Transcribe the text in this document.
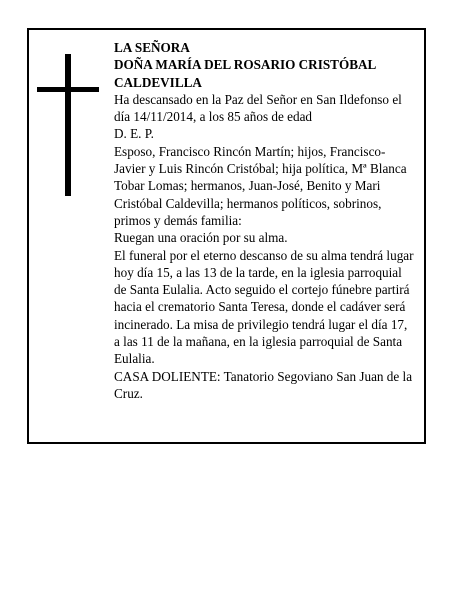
LA SEÑORA

DOÑA MARÍA DEL ROSARIO CRISTÓBAL CALDEVILLA

Ha descansado en la Paz del Señor en San Ildefonso el día 14/11/2014, a los 85 años de edad

D. E. P.

Esposo, Francisco Rincón Martín; hijos, Francisco-Javier y Luis Rincón Cristóbal; hija política, Mª Blanca Tobar Lomas; hermanos, Juan-José, Benito y Mari Cristóbal Caldevilla; hermanos políticos, sobrinos, primos y demás familia:

Ruegan una oración por su alma.

El funeral por el eterno descanso de su alma tendrá lugar hoy día 15, a las 13 de la tarde, en la iglesia parroquial de Santa Eulalia. Acto seguido el cortejo fúnebre partirá hacia el crematorio Santa Teresa, donde el cadáver será incinerado. La misa de privilegio tendrá lugar el día 17, a las 11 de la mañana, en la iglesia parroquial de Santa Eulalia.

CASA DOLIENTE: Tanatorio Segoviano San Juan de la Cruz.
